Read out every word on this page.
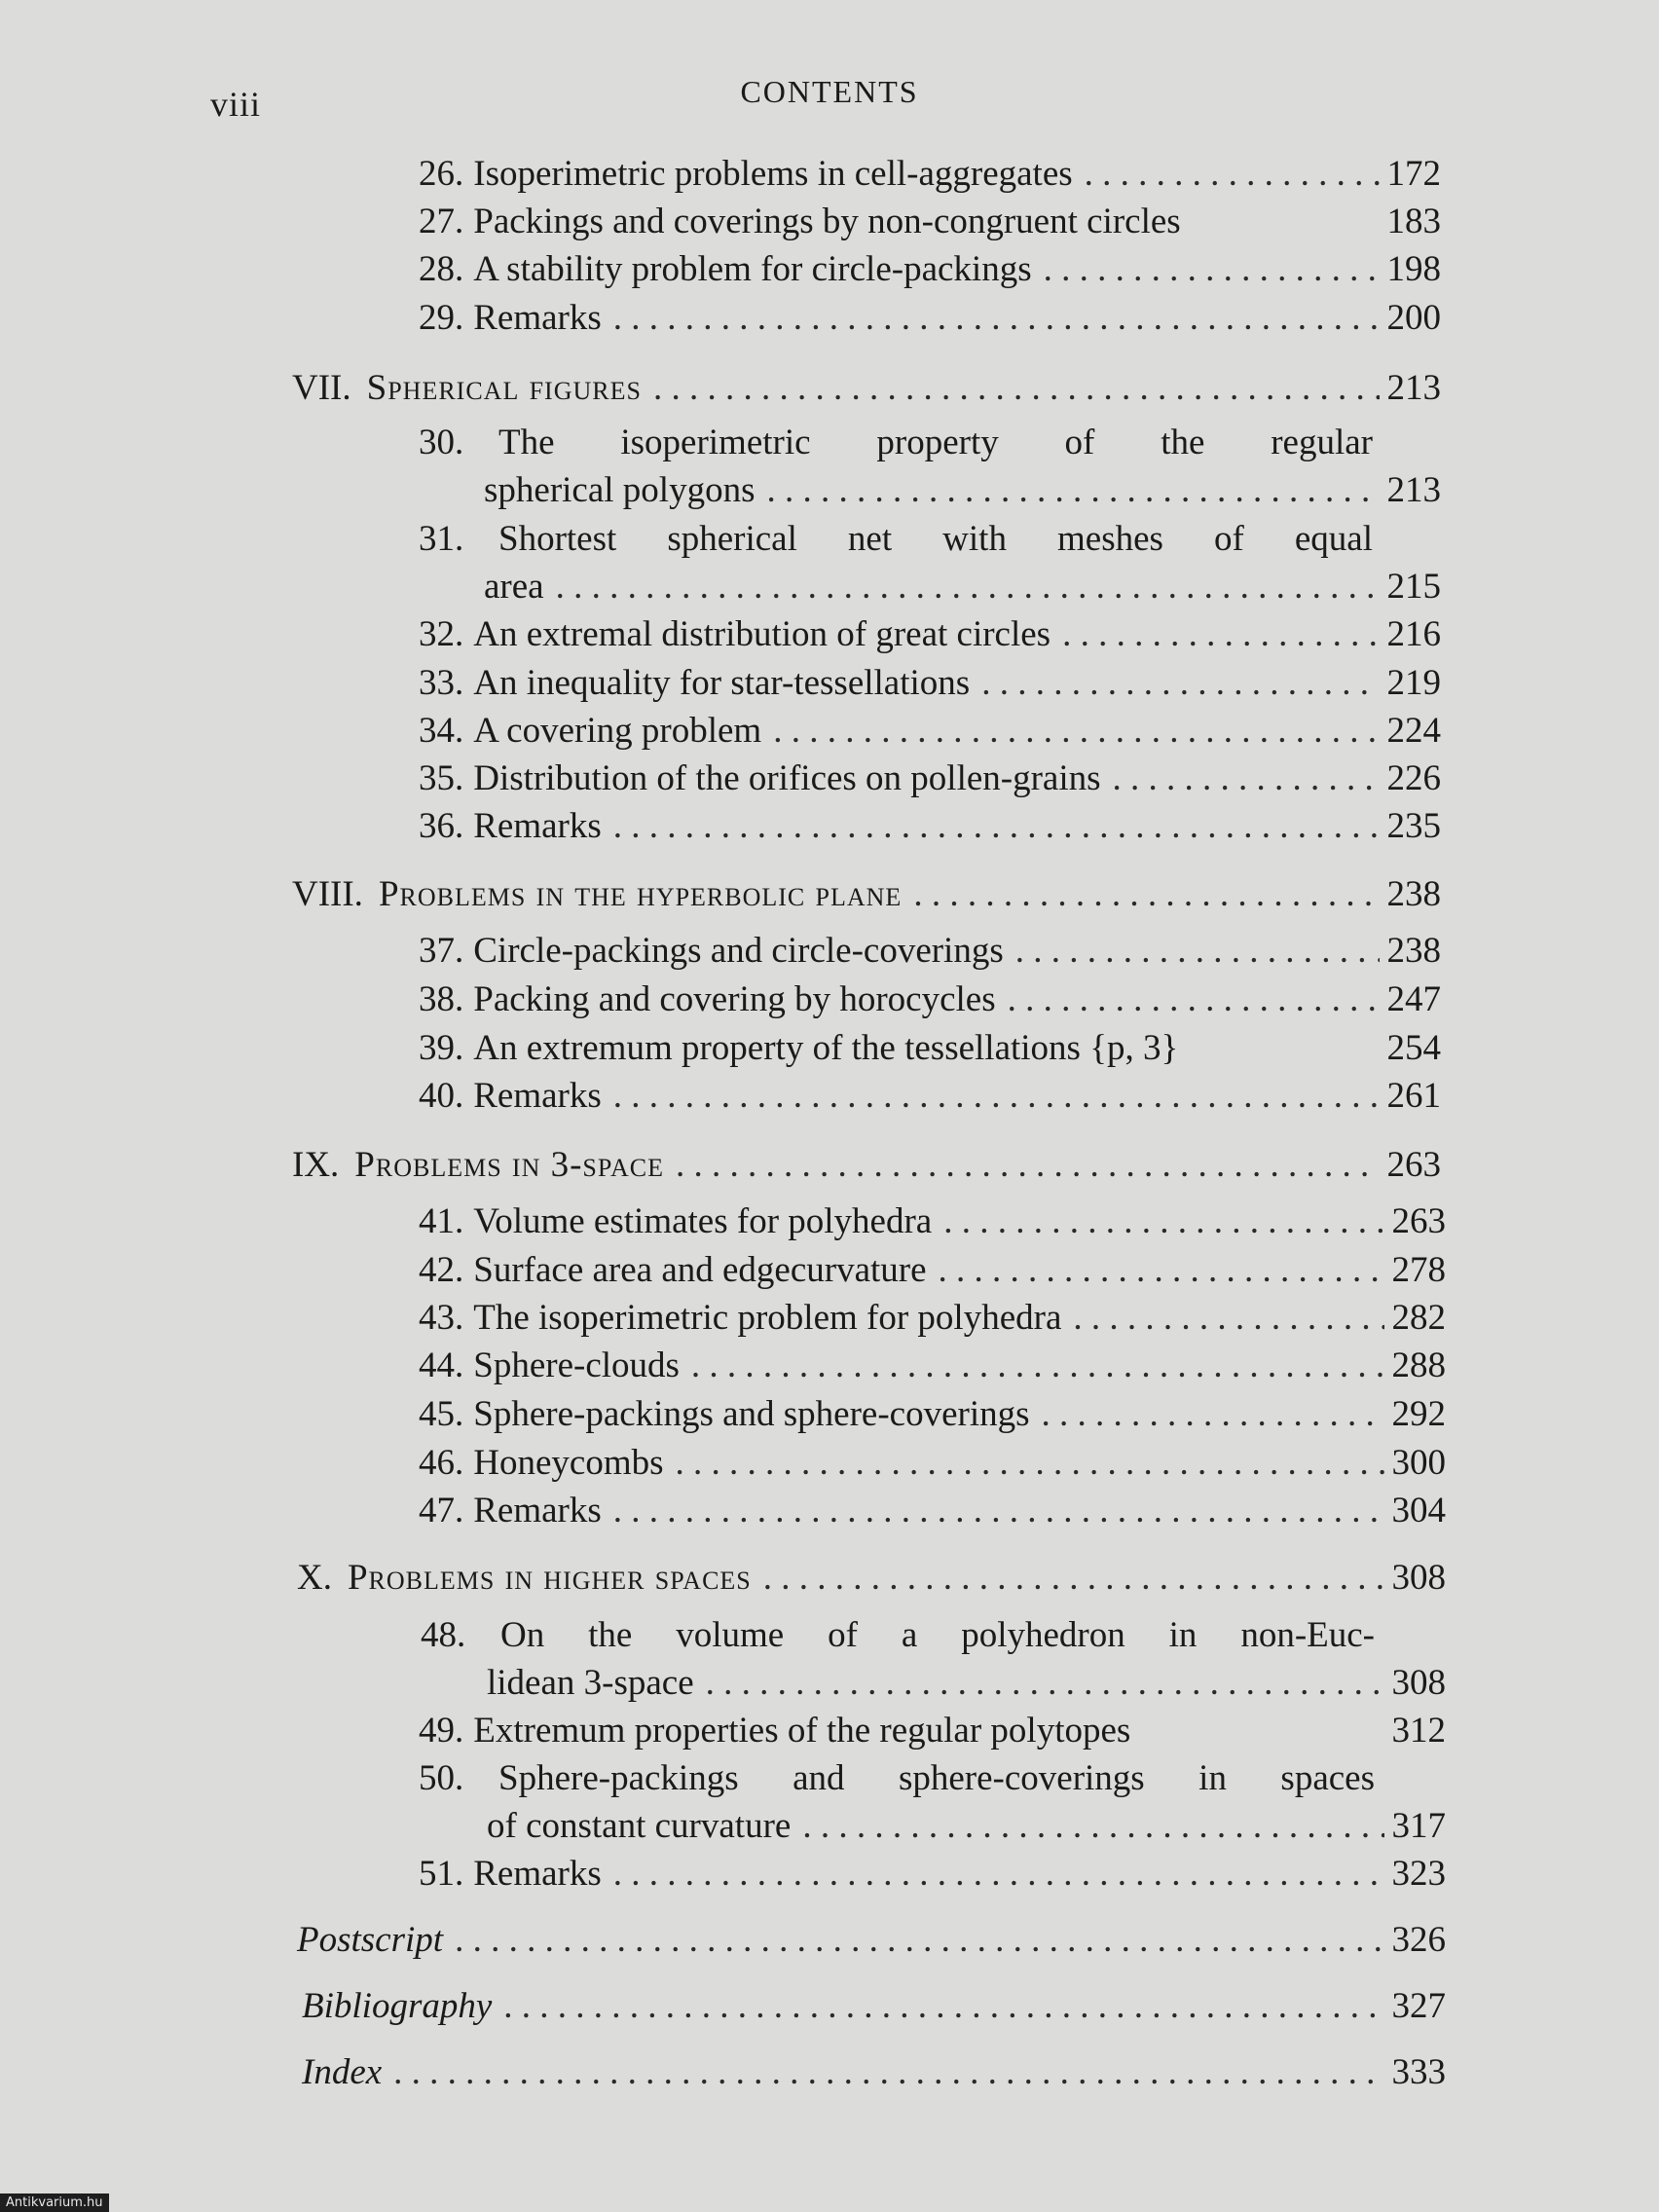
viii	CONTENTS
26. Isoperimetric problems in cell-aggregates . . .	172
27. Packings and coverings by non-congruent circles	183
28. A stability problem for circle-packings . . .	198
29. Remarks . . .	200
VII. Spherical figures . . .	213
30. The isoperimetric property of the regular
spherical polygons . . .	213
31. Shortest spherical net with meshes of equal
area . . .	215
32. An extremal distribution of great circles . . .	216
33. An inequality for star-tessellations . . .	219
34. A covering problem . . .	224
35. Distribution of the orifices on pollen-grains . . .	226
36. Remarks . . .	235
VIII. Problems in the hyperbolic plane . . .	238
37. Circle-packings and circle-coverings . . .	238
38. Packing and covering by horocycles . . .	247
39. An extremum property of the tessellations {p, 3}	254
40. Remarks . . .	261
IX. Problems in 3-space . . .	263
41. Volume estimates for polyhedra . . .	263
42. Surface area and edgecurvature . . .	278
43. The isoperimetric problem for polyhedra . . .	282
44. Sphere-clouds . . .	288
45. Sphere-packings and sphere-coverings . . .	292
46. Honeycombs . . .	300
47. Remarks . . .	304
X. Problems in higher spaces . . .	308
48. On the volume of a polyhedron in non-Euc-
lidean 3-space . . .	308
49. Extremum properties of the regular polytopes	312
50. Sphere-packings and sphere-coverings in spaces
of constant curvature . . .	317
51. Remarks . . .	323
Postscript . . .	326
Bibliography . . .	327
Index . . .	333
Antikvarium.hu
